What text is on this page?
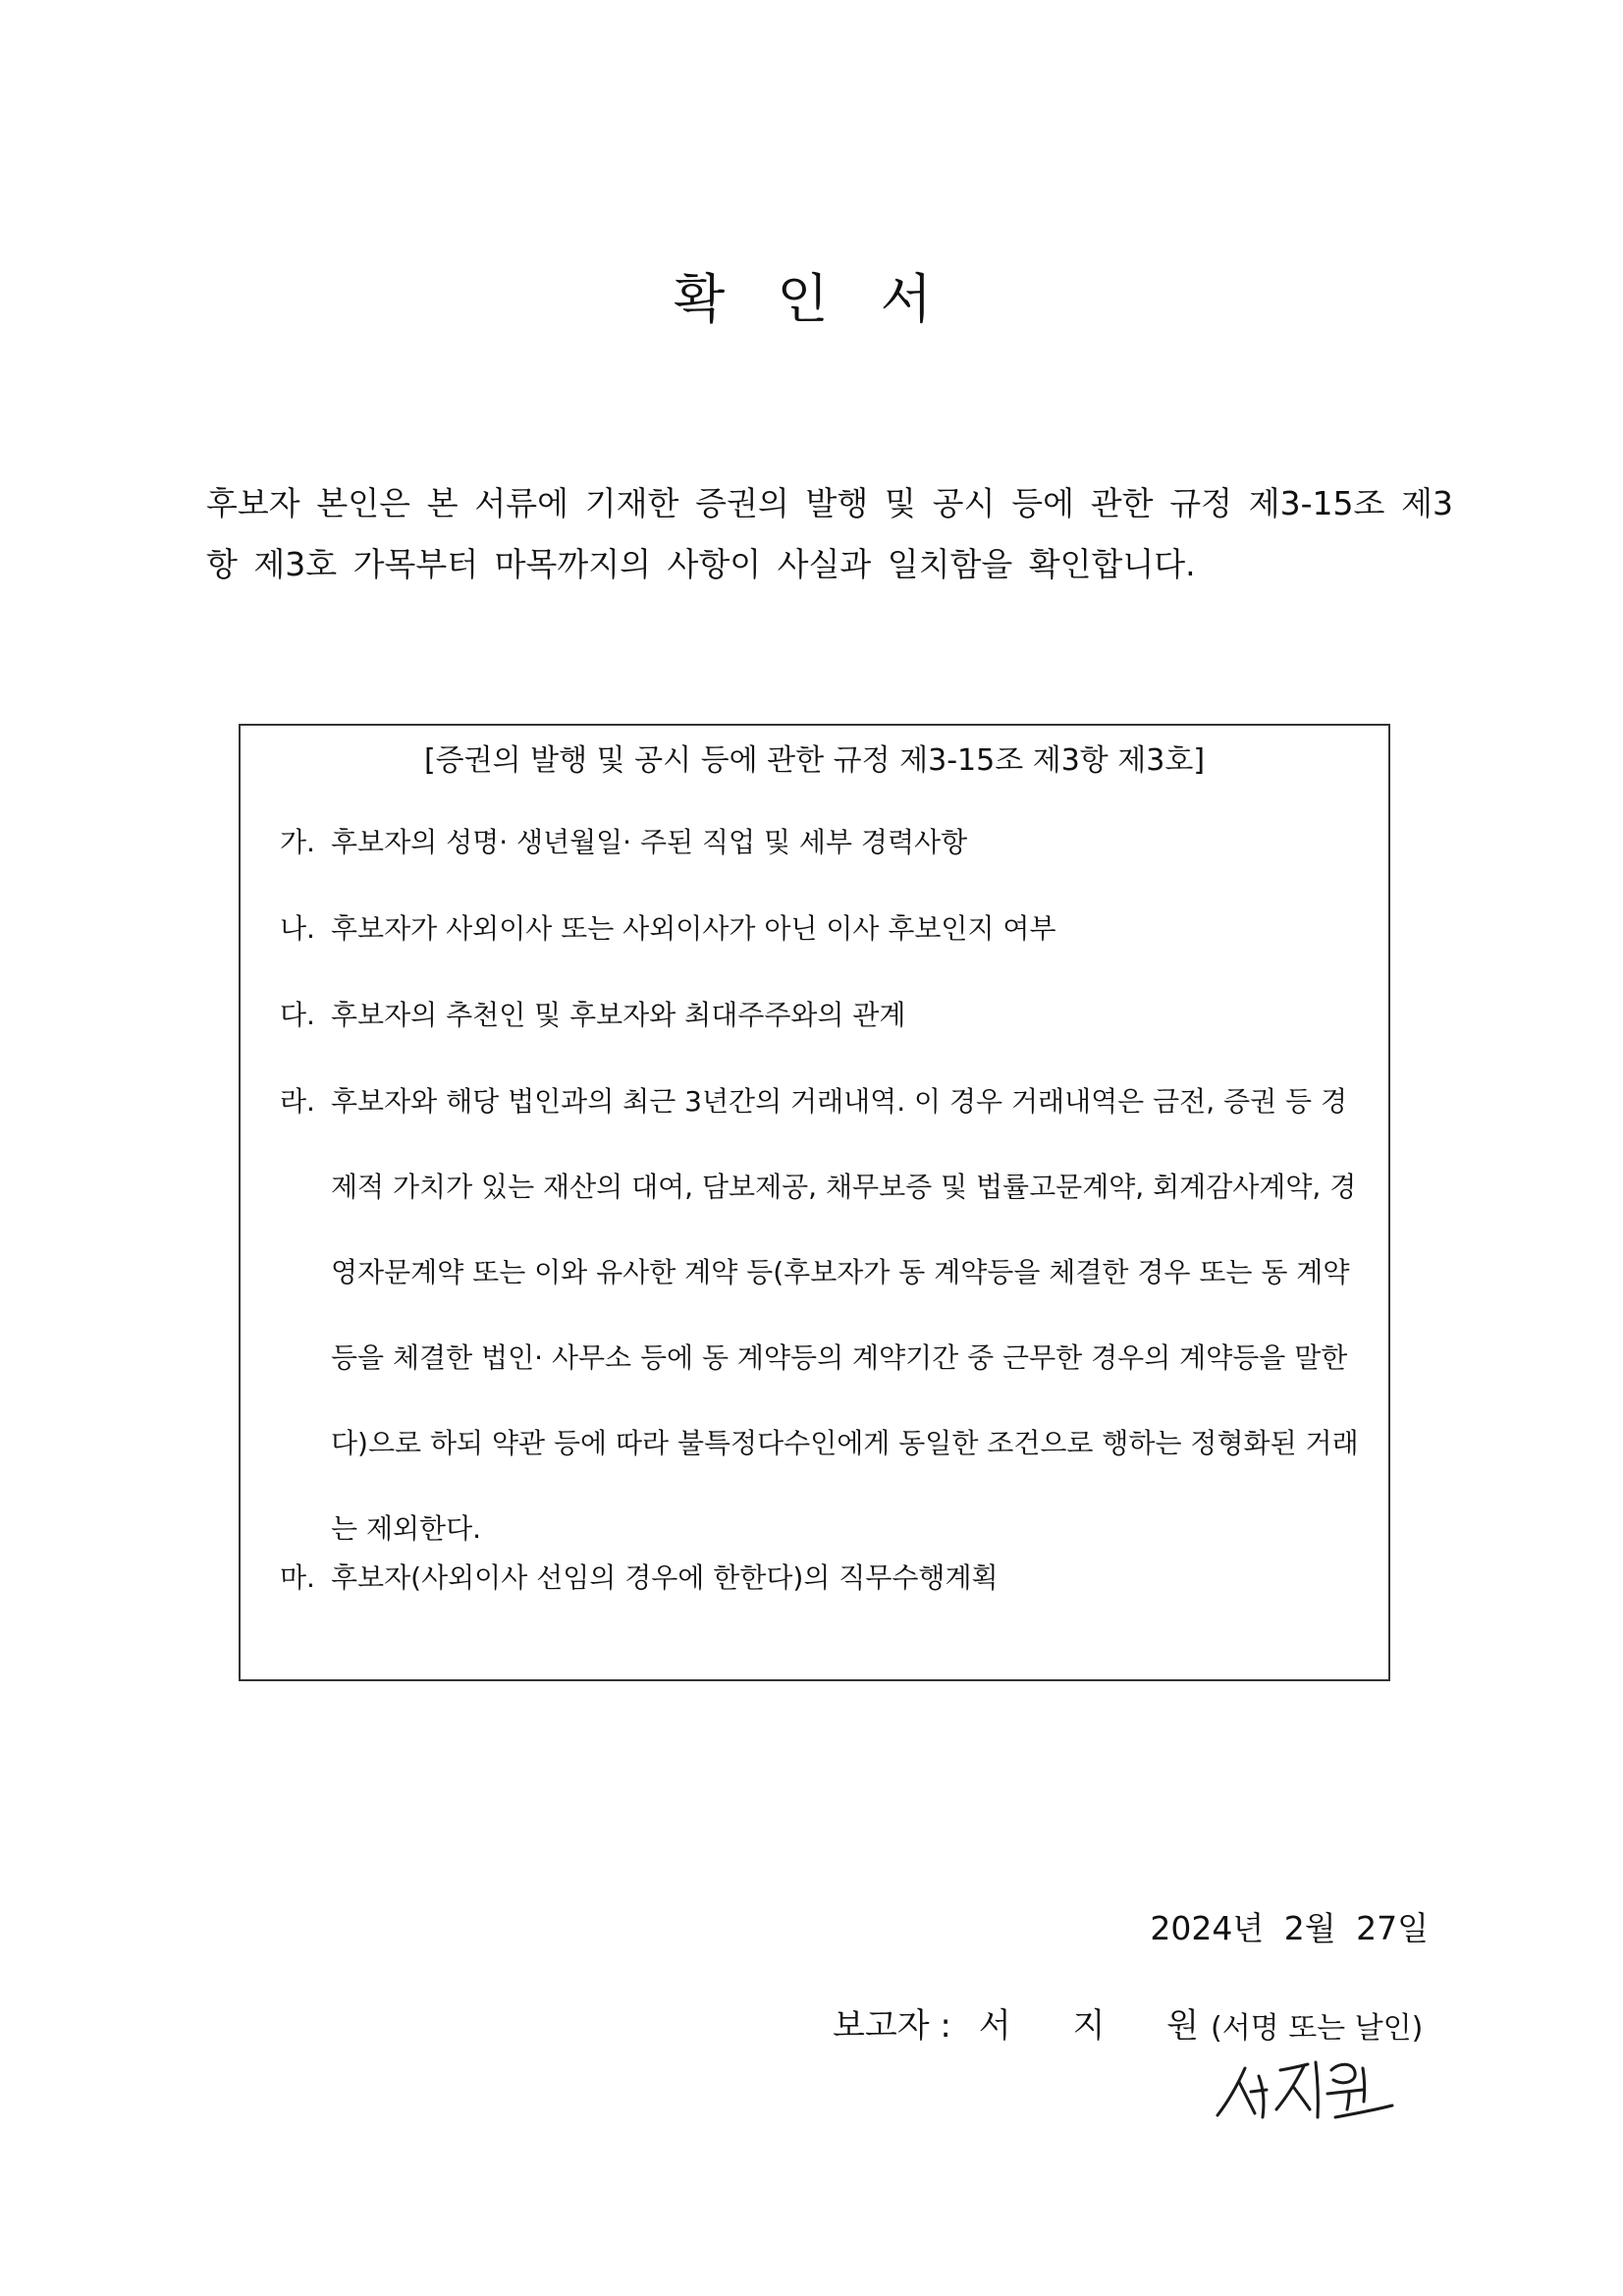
확 인 서

후보자 본인은 본 서류에 기재한 증권의 발행 및 공시 등에 관한 규정 제3-15조 제3항 제3호 가목부터 마목까지의 사항이 사실과 일치함을 확인합니다.

[증권의 발행 및 공시 등에 관한 규정 제3-15조 제3항 제3호]

가. 후보자의 성명· 생년월일· 주된 직업 및 세부 경력사항
나. 후보자가 사외이사 또는 사외이사가 아닌 이사 후보인지 여부
다. 후보자의 추천인 및 후보자와 최대주주와의 관계
라. 후보자와 해당 법인과의 최근 3년간의 거래내역. 이 경우 거래내역은 금전, 증권 등 경제적 가치가 있는 재산의 대여, 담보제공, 채무보증 및 법률고문계약, 회계감사계약, 경영자문계약 또는 이와 유사한 계약 등(후보자가 동 계약등을 체결한 경우 또는 동 계약등을 체결한 법인· 사무소 등에 동 계약등의 계약기간 중 근무한 경우의 계약등을 말한다)으로 하되 약관 등에 따라 불특정다수인에게 동일한 조건으로 행하는 정형화된 거래는 제외한다.
마. 후보자(사외이사 선임의 경우에 한한다)의 직무수행계획

2024년 2월 27일

보고자 : 서 지 원
(서명 또는 날인)
